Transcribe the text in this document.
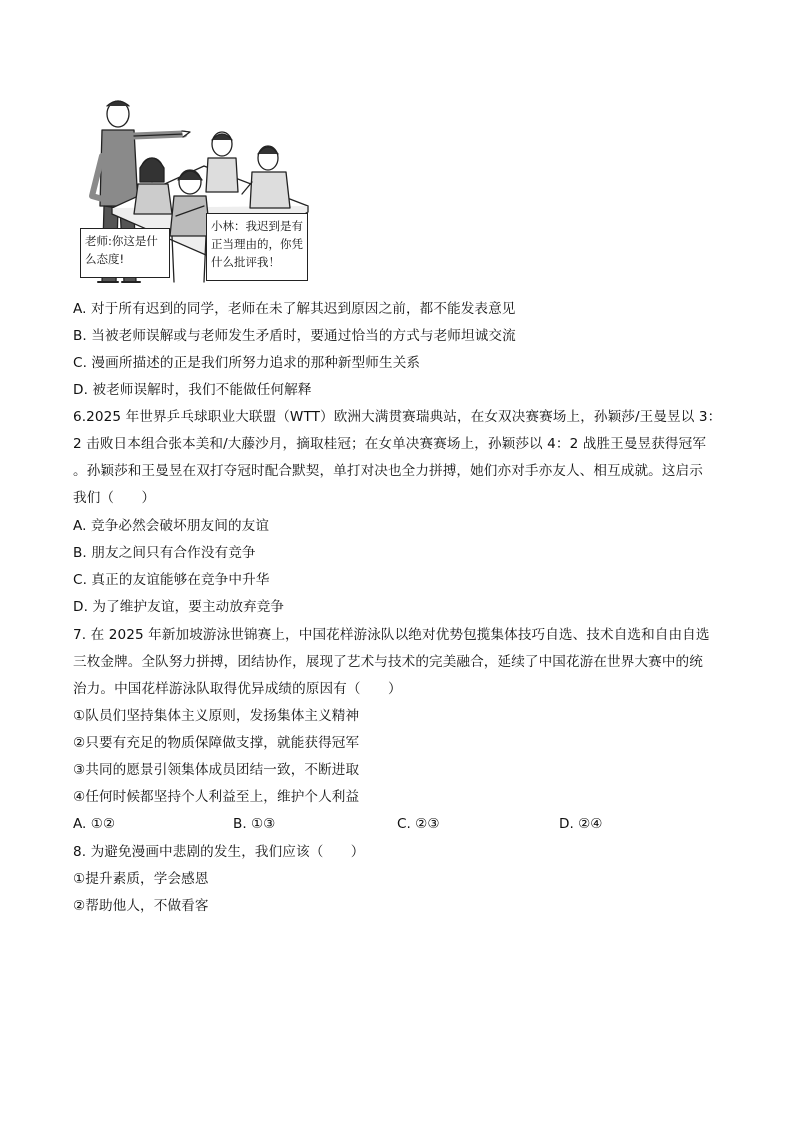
老师:你这是什么态度!
小林：我迟到是有正当理由的，你凭什么批评我！
A. 对于所有迟到的同学，老师在未了解其迟到原因之前，都不能发表意见
B. 当被老师误解或与老师发生矛盾时，要通过恰当的方式与老师坦诚交流
C. 漫画所描述的正是我们所努力追求的那种新型师生关系
D. 被老师误解时，我们不能做任何解释
6.2025 年世界乒乓球职业大联盟（WTT）欧洲大满贯赛瑞典站，在女双决赛赛场上，孙颖莎/王曼昱以 3：
2 击败日本组合张本美和/大藤沙月，摘取桂冠；在女单决赛赛场上，孙颖莎以 4：2 战胜王曼昱获得冠军
。孙颖莎和王曼昱在双打夺冠时配合默契，单打对决也全力拼搏，她们亦对手亦友人、相互成就。这启示
我们（　　）
A. 竞争必然会破坏朋友间的友谊
B. 朋友之间只有合作没有竞争
C. 真正的友谊能够在竞争中升华
D. 为了维护友谊，要主动放弃竞争
7. 在 2025 年新加坡游泳世锦赛上，中国花样游泳队以绝对优势包揽集体技巧自选、技术自选和自由自选
三枚金牌。全队努力拼搏，团结协作，展现了艺术与技术的完美融合，延续了中国花游在世界大赛中的统
治力。中国花样游泳队取得优异成绩的原因有（　　）
①队员们坚持集体主义原则，发扬集体主义精神
②只要有充足的物质保障做支撑，就能获得冠军
③共同的愿景引领集体成员团结一致，不断进取
④任何时候都坚持个人利益至上，维护个人利益
A. ①②	B. ①③	C. ②③	D. ②④
8. 为避免漫画中悲剧的发生，我们应该（　　）
①提升素质，学会感恩
②帮助他人，不做看客
